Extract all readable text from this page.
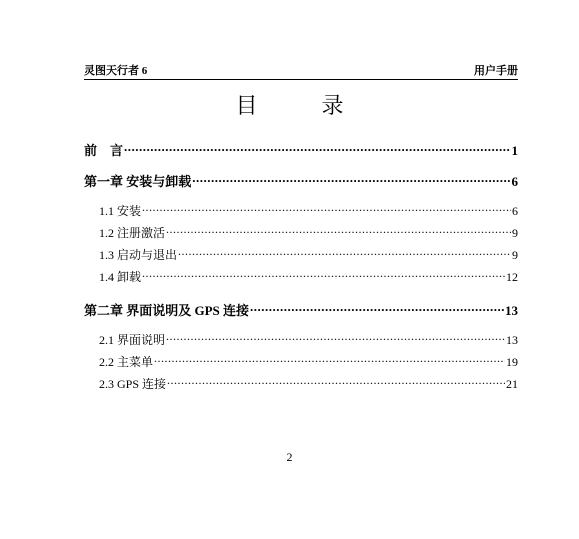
灵图天行者 6	用户手册
目	录
前　言 .....	1
第一章 安装与卸载 .....	6
1.1 安装 .....	6
1.2 注册激活 .....	9
1.3 启动与退出 .....	9
1.4 卸载 .....	12
第二章 界面说明及 GPS 连接 .....	13
2.1 界面说明 .....	13
2.2 主菜单 .....	19
2.3 GPS 连接 .....	21
2
